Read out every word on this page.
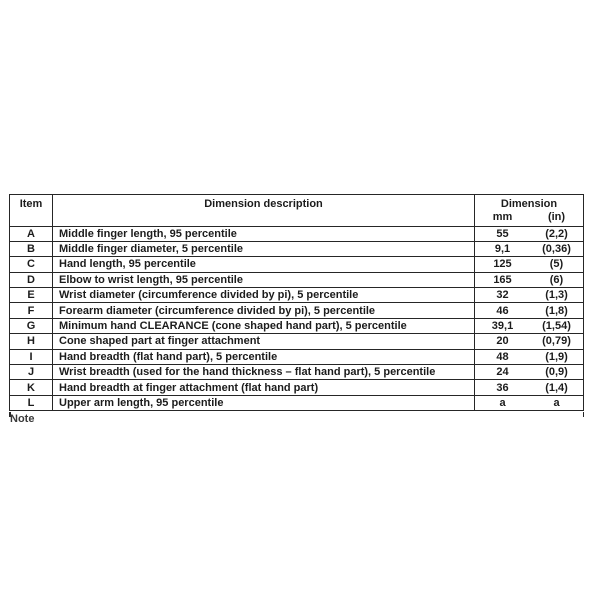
Item	Dimension description	Dimension
mm	(in)
A	Middle finger length, 95 percentile	55	(2,2)
B	Middle finger diameter, 5 percentile	9,1	(0,36)
C	Hand length, 95 percentile	125	(5)
D	Elbow to wrist length, 95 percentile	165	(6)
E	Wrist diameter (circumference divided by pi), 5 percentile	32	(1,3)
F	Forearm diameter (circumference divided by pi), 5 percentile	46	(1,8)
G	Minimum hand CLEARANCE (cone shaped hand part), 5 percentile	39,1	(1,54)
H	Cone shaped part at finger attachment	20	(0,79)
I	Hand breadth (flat hand part), 5 percentile	48	(1,9)
J	Wrist breadth (used for the hand thickness – flat hand part), 5 percentile	24	(0,9)
K	Hand breadth at finger attachment (flat hand part)	36	(1,4)
L	Upper arm length, 95 percentile	a	a
Note
